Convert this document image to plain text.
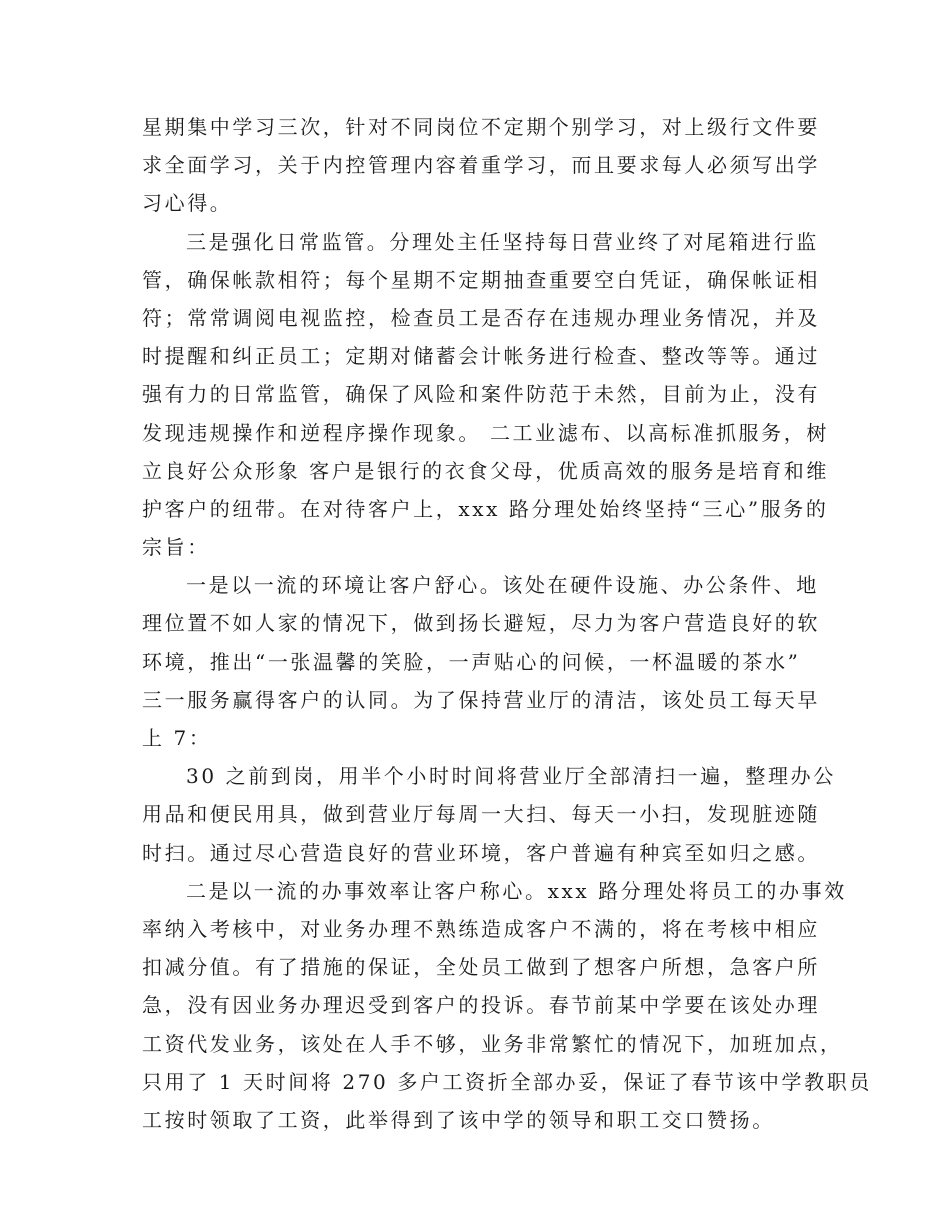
星期集中学习三次，针对不同岗位不定期个别学习，对上级行文件要
求全面学习，关于内控管理内容着重学习，而且要求每人必须写出学
习心得。
三是强化日常监管。分理处主任坚持每日营业终了对尾箱进行监
管，确保帐款相符；每个星期不定期抽查重要空白凭证，确保帐证相
符；常常调阅电视监控，检查员工是否存在违规办理业务情况，并及
时提醒和纠正员工；定期对储蓄会计帐务进行检查、整改等等。通过
强有力的日常监管，确保了风险和案件防范于未然，目前为止，没有
发现违规操作和逆程序操作现象。 二工业滤布、以高标准抓服务，树
立良好公众形象 客户是银行的衣食父母，优质高效的服务是培育和维
护客户的纽带。在对待客户上，xxx 路分理处始终坚持“三心”服务的
宗旨：
一是以一流的环境让客户舒心。该处在硬件设施、办公条件、地
理位置不如人家的情况下，做到扬长避短，尽力为客户营造良好的软
环境，推出“一张温馨的笑脸，一声贴心的问候，一杯温暖的茶水”
三一服务赢得客户的认同。为了保持营业厅的清洁，该处员工每天早
上 7：
30 之前到岗，用半个小时时间将营业厅全部清扫一遍，整理办公
用品和便民用具，做到营业厅每周一大扫、每天一小扫，发现脏迹随
时扫。通过尽心营造良好的营业环境，客户普遍有种宾至如归之感。
二是以一流的办事效率让客户称心。xxx 路分理处将员工的办事效
率纳入考核中，对业务办理不熟练造成客户不满的，将在考核中相应
扣减分值。有了措施的保证，全处员工做到了想客户所想，急客户所
急，没有因业务办理迟受到客户的投诉。春节前某中学要在该处办理
工资代发业务，该处在人手不够，业务非常繁忙的情况下，加班加点，
只用了 1 天时间将 270 多户工资折全部办妥，保证了春节该中学教职员
工按时领取了工资，此举得到了该中学的领导和职工交口赞扬。
